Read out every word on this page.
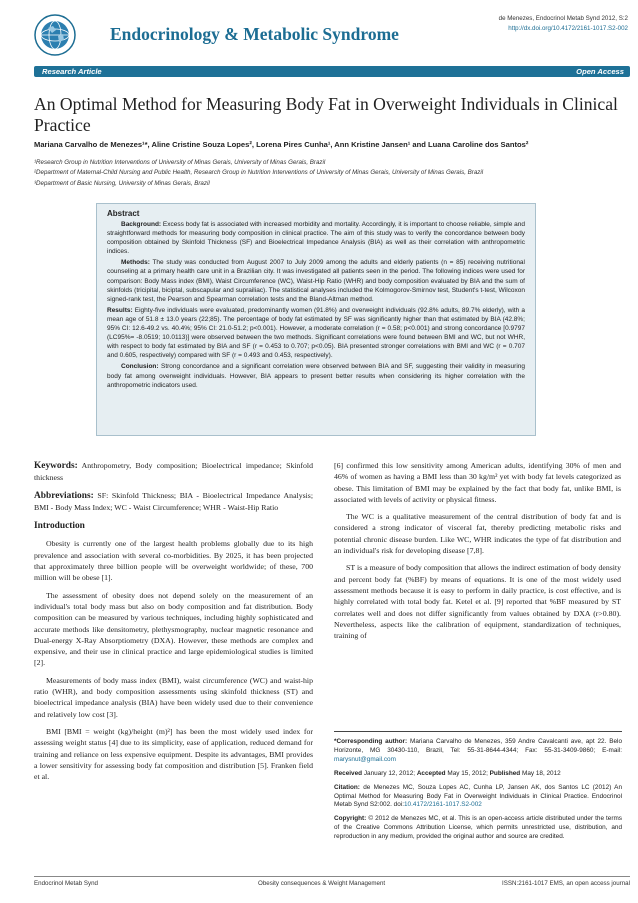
Endocrinology & Metabolic Syndrome
de Menezes, Endocrinol Metab Synd 2012, S:2
http://dx.doi.org/10.4172/2161-1017.S2-002
Research Article	Open Access
An Optimal Method for Measuring Body Fat in Overweight Individuals in Clinical Practice
Mariana Carvalho de Menezes¹*, Aline Cristine Souza Lopes², Lorena Pires Cunha¹, Ann Kristine Jansen¹ and Luana Caroline dos Santos²
¹Research Group in Nutrition Interventions of University of Minas Gerais, University of Minas Gerais, Brazil
²Department of Maternal-Child Nursing and Public Health, Research Group in Nutrition Interventions of University of Minas Gerais, University of Minas Gerais, Brazil
³Department of Basic Nursing, University of Minas Gerais, Brazil
Abstract

Background: Excess body fat is associated with increased morbidity and mortality. Accordingly, it is important to choose reliable, simple and straightforward methods for measuring body composition in clinical practice. The aim of this study was to verify the concordance between body composition obtained by Skinfold Thickness (SF) and Bioelectrical Impedance Analysis (BIA) as well as their correlation with anthropometric indices.

Methods: The study was conducted from August 2007 to July 2009 among the adults and elderly patients (n = 85) receiving nutritional counseling at a primary health care unit in a Brazilian city. It was investigated all patients seen in the period. The following indices were used for comparison: Body Mass index (BMI), Waist Circumference (WC), Waist-Hip Ratio (WHR) and body composition evaluated by BIA and the sum of skinfolds (tricipital, biciptal, subscapular and suprailiac). The statistical analyses included the Kolmogorov-Smirnov test, Student's t-test, Wilcoxon signed-rank test, the Pearson and Spearman correlation tests and the Bland-Altman method.

Results: Eighty-five individuals were evaluated, predominantly women (91.8%) and overweight individuals (92.8% adults, 89.7% elderly), with a mean age of 51.8 ± 13.0 years (22;85). The percentage of body fat estimated by SF was significantly higher than that estimated by BIA (42.8%; 95% CI: 12.6-49.2 vs. 40.4%; 95% CI: 21.0-51.2; p<0.001). However, a moderate correlation (r = 0.58; p<0.001) and strong concordance [0.9797 (LC95%= -8.0519; 10.0113)] were observed between the two methods. Significant correlations were found between BMI and WC, but not WHR, with respect to body fat estimated by BIA and SF (r = 0.453 to 0.707; p<0.05). BIA presented stronger correlations with BMI and WC (r = 0.707 and 0.605, respectively) compared with SF (r = 0.493 and 0.453, respectively).

Conclusion: Strong concordance and a significant correlation were observed between BIA and SF, suggesting their validity in measuring body fat among overweight individuals. However, BIA appears to present better results when considering its higher correlation with the anthropometric indicators used.

Keywords: Anthropometry, Body composition; Bioelectrical impedance; Skinfold thickness

Abbreviations: SF: Skinfold Thickness; BIA - Bioelectrical Impedance Analysis; BMI - Body Mass Index; WC - Waist Circumference; WHR - Waist-Hip Ratio

Introduction

Obesity is currently one of the largest health problems globally due to its high prevalence and association with several co-morbidities. By 2025, it has been projected that approximately three billion people will be overweight worldwide; of these, 700 million will be obese [1].

The assessment of obesity does not depend solely on the measurement of an individual's total body mass but also on body composition and fat distribution. Body composition can be measured by various techniques, including highly sophisticated and accurate methods like densitometry, plethysmography, nuclear magnetic resonance and Dual-energy X-Ray Absorptiometry (DXA). However, these methods are complex and expensive, and their use in clinical practice and large epidemiological studies is limited [2].

Measurements of body mass index (BMI), waist circumference (WC) and waist-hip ratio (WHR), and body composition assessments using skinfold thickness (ST) and bioelectrical impedance analysis (BIA) have been widely used due to their convenience and relatively low cost [3].

BMI [BMI = weight (kg)/height (m)²] has been the most widely used index for assessing weight status [4] due to its simplicity, ease of application, reduced demand for training and reliance on less expensive equipment. Despite its advantages, BMI provides a lower sensitivity for assessing body fat composition and distribution [5]. Franken field et al.

[6] confirmed this low sensitivity among American adults, identifying 30% of men and 46% of women as having a BMI less than 30 kg/m² yet with body fat levels categorized as obese. This limitation of BMI may be explained by the fact that body fat, unlike BMI, is associated with levels of activity or physical fitness.

The WC is a qualitative measurement of the central distribution of body fat and is considered a strong indicator of visceral fat, thereby predicting metabolic risks and potential chronic disease burden. Like WC, WHR indicates the type of fat distribution and an individual's risk for developing disease [7,8].

ST is a measure of body composition that allows the indirect estimation of body density and percent body fat (%BF) by means of equations. It is one of the most widely used assessment methods because it is easy to perform in daily practice, is cost effective, and is highly correlated with total body fat. Ketel et al. [9] reported that %BF measured by ST correlates well and does not differ significantly from values obtained by DXA (r>0.80). Nevertheless, aspects like the calibration of equipment, standardization of techniques, training of

*Corresponding author: Mariana Carvalho de Menezes, 359 Andre Cavalcanti ave, apt 22. Belo Horizonte, MG 30430-110, Brazil, Tel: 55-31-8644-4344; Fax: 55-31-3409-9860; E-mail: marysnut@gmail.com

Received January 12, 2012; Accepted May 15, 2012; Published May 18, 2012

Citation: de Menezes MC, Souza Lopes AC, Cunha LP, Jansen AK, dos Santos LC (2012) An Optimal Method for Measuring Body Fat in Overweight Individuals in Clinical Practice. Endocrinol Metab Synd S2:002. doi:10.4172/2161-1017.S2-002

Copyright: © 2012 de Menezes MC, et al. This is an open-access article distributed under the terms of the Creative Commons Attribution License, which permits unrestricted use, distribution, and reproduction in any medium, provided the original author and source are credited.

Endocrinol Metab Synd	Obesity consequences & Weight Management	ISSN:2161-1017 EMS, an open access journal
